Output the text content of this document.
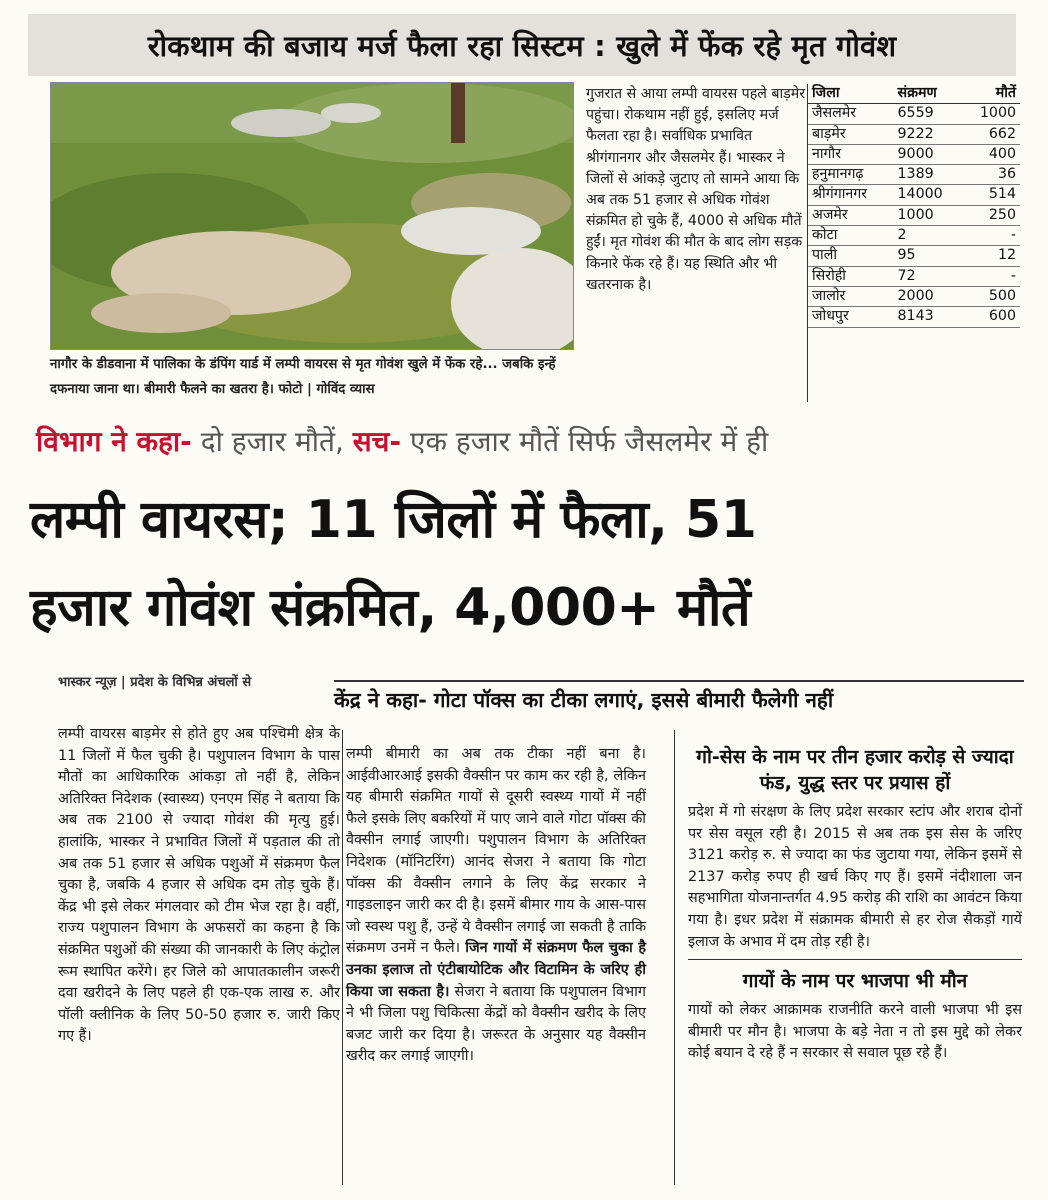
रोकथाम की बजाय मर्ज फैला रहा सिस्टम : खुले में फेंक रहे मृत गोवंश
नागौर के डीडवाना में पालिका के डंपिंग यार्ड में लम्पी वायरस से मृत गोवंश खुले में फेंक रहे... जबकि इन्हें दफनाया जाना था। बीमारी फैलने का खतरा है। फोटो | गोविंद व्यास
गुजरात से आया लम्पी वायरस पहले बाड़मेर पहुंचा। रोकथाम नहीं हुई, इसलिए मर्ज फैलता रहा है। सर्वाधिक प्रभावित श्रीगंगानगर और जैसलमेर हैं। भास्कर ने जिलों से आंकड़े जुटाए तो सामने आया कि अब तक 51 हजार से अधिक गोवंश संक्रमित हो चुके हैं, 4000 से अधिक मौतें हुईं। मृत गोवंश की मौत के बाद लोग सड़क किनारे फेंक रहे हैं। यह स्थिति और भी खतरनाक है।
जिला	संक्रमण	मौतें
जैसलमेर	6559	1000
बाड़मेर	9222	662
नागौर	9000	400
हनुमानगढ़	1389	36
श्रीगंगानगर	14000	514
अजमेर	1000	250
कोटा	2	-
पाली	95	12
सिरोही	72	-
जालोर	2000	500
जोधपुर	8143	600
विभाग ने कहा- दो हजार मौतें, सच- एक हजार मौतें सिर्फ जैसलमेर में ही
लम्पी वायरस; 11 जिलों में फैला, 51
हजार गोवंश संक्रमित, 4,000+ मौतें
भास्कर न्यूज़ | प्रदेश के विभिन्न अंचलों से
केंद्र ने कहा- गोटा पॉक्स का टीका लगाएं, इससे बीमारी फैलेगी नहीं
लम्पी वायरस बाड़मेर से होते हुए अब पश्चिमी क्षेत्र के 11 जिलों में फैल चुकी है। पशुपालन विभाग के पास मौतों का आधिकारिक आंकड़ा तो नहीं है, लेकिन अतिरिक्त निदेशक (स्वास्थ्य) एनएम सिंह ने बताया कि अब तक 2100 से ज्यादा गोवंश की मृत्यु हुई। हालांकि, भास्कर ने प्रभावित जिलों में पड़ताल की तो अब तक 51 हजार से अधिक पशुओं में संक्रमण फैल चुका है, जबकि 4 हजार से अधिक दम तोड़ चुके हैं। केंद्र भी इसे लेकर मंगलवार को टीम भेज रहा है। वहीं, राज्य पशुपालन विभाग के अफसरों का कहना है कि संक्रमित पशुओं की संख्या की जानकारी के लिए कंट्रोल रूम स्थापित करेंगे। हर जिले को आपातकालीन जरूरी दवा खरीदने के लिए पहले ही एक-एक लाख रु. और पॉली क्लीनिक के लिए 50-50 हजार रु. जारी किए गए हैं।
लम्पी बीमारी का अब तक टीका नहीं बना है। आईवीआरआई इसकी वैक्सीन पर काम कर रही है, लेकिन यह बीमारी संक्रमित गायों से दूसरी स्वस्थ्य गायों में नहीं फैले इसके लिए बकरियों में पाए जाने वाले गोटा पॉक्स की वैक्सीन लगाई जाएगी। पशुपालन विभाग के अतिरिक्त निदेशक (मॉनिटरिंग) आनंद सेजरा ने बताया कि गोटा पॉक्स की वैक्सीन लगाने के लिए केंद्र सरकार ने गाइडलाइन जारी कर दी है। इसमें बीमार गाय के आस-पास जो स्वस्थ पशु हैं, उन्हें ये वैक्सीन लगाई जा सकती है ताकि संक्रमण उनमें न फैले। जिन गायों में संक्रमण फैल चुका है उनका इलाज तो एंटीबायोटिक और विटामिन के जरिए ही किया जा सकता है। सेजरा ने बताया कि पशुपालन विभाग ने भी जिला पशु चिकित्सा केंद्रों को वैक्सीन खरीद के लिए बजट जारी कर दिया है। जरूरत के अनुसार यह वैक्सीन खरीद कर लगाई जाएगी।
गो-सेस के नाम पर तीन हजार करोड़ से ज्यादा फंड, युद्ध स्तर पर प्रयास हों

प्रदेश में गो संरक्षण के लिए प्रदेश सरकार स्टांप और शराब दोनों पर सेस वसूल रही है। 2015 से अब तक इस सेस के जरिए 3121 करोड़ रु. से ज्यादा का फंड जुटाया गया, लेकिन इसमें से 2137 करोड़ रुपए ही खर्च किए गए हैं। इसमें नंदीशाला जन सहभागिता योजनान्तर्गत 4.95 करोड़ की राशि का आवंटन किया गया है। इधर प्रदेश में संक्रामक बीमारी से हर रोज सैकड़ों गायें इलाज के अभाव में दम तोड़ रही है।

गायों के नाम पर भाजपा भी मौन

गायों को लेकर आक्रामक राजनीति करने वाली भाजपा भी इस बीमारी पर मौन है। भाजपा के बड़े नेता न तो इस मुद्दे को लेकर कोई बयान दे रहे हैं न सरकार से सवाल पूछ रहे हैं।
